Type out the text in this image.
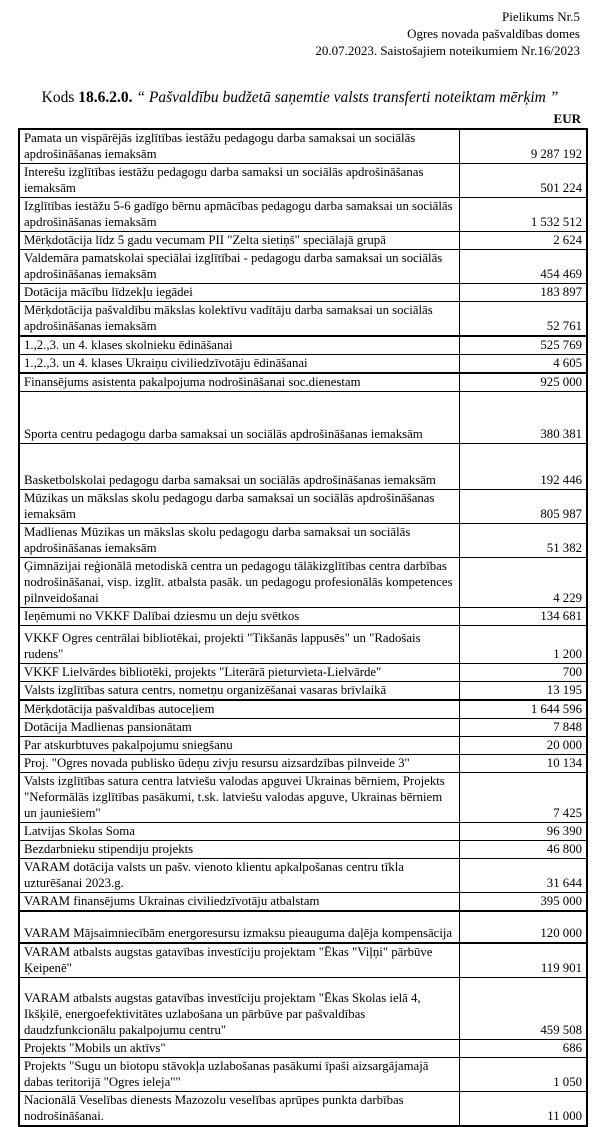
Pielikums Nr.5
Ogres novada pašvaldības domes
20.07.2023. Saistošajiem noteikumiem Nr.16/2023
Kods 18.6.2.0. “ Pašvaldību budžetā saņemtie valsts transferti noteiktam mērķim ”
EUR
Pamata un vispārējās izglītības iestāžu pedagogu darba samaksai un sociālās apdrošināšanas iemaksām	9 287 192
Interešu izglītības iestāžu pedagogu darba samaksi un sociālās apdrošināšanas iemaksām	501 224
Izglītības iestāžu 5-6 gadīgo bērnu apmācības pedagogu darba samaksai un sociālās apdrošināšanas iemaksām	1 532 512
Mērķdotācija līdz 5 gadu vecumam PII "Zelta sietiņš" speciālajā grupā	2 624
Valdemāra pamatskolai speciālai izglītībai - pedagogu darba samaksai un sociālās apdrošināšanas iemaksām	454 469
Dotācija mācību līdzekļu iegādei	183 897
Mērķdotācija pašvaldību mākslas kolektīvu vadītāju darba samaksai un sociālās apdrošināšanas iemaksām	52 761
1.,2.,3. un 4. klases skolnieku ēdināšanai	525 769
1.,2.,3. un 4. klases Ukraiņu civiliedzīvotāju ēdināšanai	4 605
Finansējums asistenta pakalpojuma nodrošināšanai soc.dienestam	925 000
Sporta centru pedagogu darba samaksai un sociālās apdrošināšanas iemaksām	380 381
Basketbolskolai pedagogu darba samaksai un sociālās apdrošināšanas iemaksām	192 446
Mūzikas un mākslas skolu pedagogu darba samaksai un sociālās apdrošināšanas iemaksām	805 987
Madlienas Mūzikas un mākslas skolu pedagogu darba samaksai un sociālās apdrošināšanas iemaksām	51 382
Ģimnāzijai reģionālā metodiskā centra un pedagogu tālākizglītības centra darbības nodrošināšanai, visp. izglīt. atbalsta pasāk. un pedagogu profesionālās kompetences pilnveidošanai	4 229
Ieņēmumi no VKKF Dalībai dziesmu un deju svētkos	134 681
VKKF Ogres centrālai bibliotēkai, projekti "Tikšanās lappusēs" un "Radošais rudens"	1 200
VKKF Lielvārdes bibliotēki, projekts "Literārā pieturvieta-Lielvārde"	700
Valsts izglītības satura centrs, nometņu organizēšanai vasaras brīvlaikā	13 195
Mērķdotācija pašvaldības autoceļiem	1 644 596
Dotācija Madlienas pansionātam	7 848
Par atskurbtuves pakalpojumu sniegšanu	20 000
Proj. "Ogres novada publisko ūdeņu zivju resursu aizsardzības pilnveide 3"	10 134
Valsts izglītības satura centra latviešu valodas apguvei Ukrainas bērniem, Projekts "Neformālās izglītības pasākumi, t.sk. latviešu valodas apguve, Ukrainas bērniem un jauniešiem"	7 425
Latvijas Skolas Soma	96 390
Bezdarbnieku stipendiju projekts	46 800
VARAM dotācija valsts un pašv. vienoto klientu apkalpošanas centru tīkla uzturēšanai 2023.g.	31 644
VARAM finansējums Ukrainas civiliedzīvotāju atbalstam	395 000
VARAM Mājsaimniecībām energoresursu izmaksu pieauguma daļēja kompensācija	120 000
VARAM atbalsts augstas gatavības investīciju projektam "Ēkas "Viļņi" pārbūve Ķeipenē"	119 901
VARAM atbalsts augstas gatavības investīciju projektam "Ēkas Skolas ielā 4, Ikšķilē, energoefektivitātes uzlabošana un pārbūve par pašvaldības daudzfunkcionālu pakalpojumu centru"	459 508
Projekts "Mobils un aktīvs"	686
Projekts "Sugu un biotopu stāvokļa uzlabošanas pasākumi īpaši aizsargājamajā dabas teritorijā "Ogres ieleja""	1 050
Nacionālā Veselības dienests Mazozolu veselības aprūpes punkta darbības nodrošināšanai.	11 000
